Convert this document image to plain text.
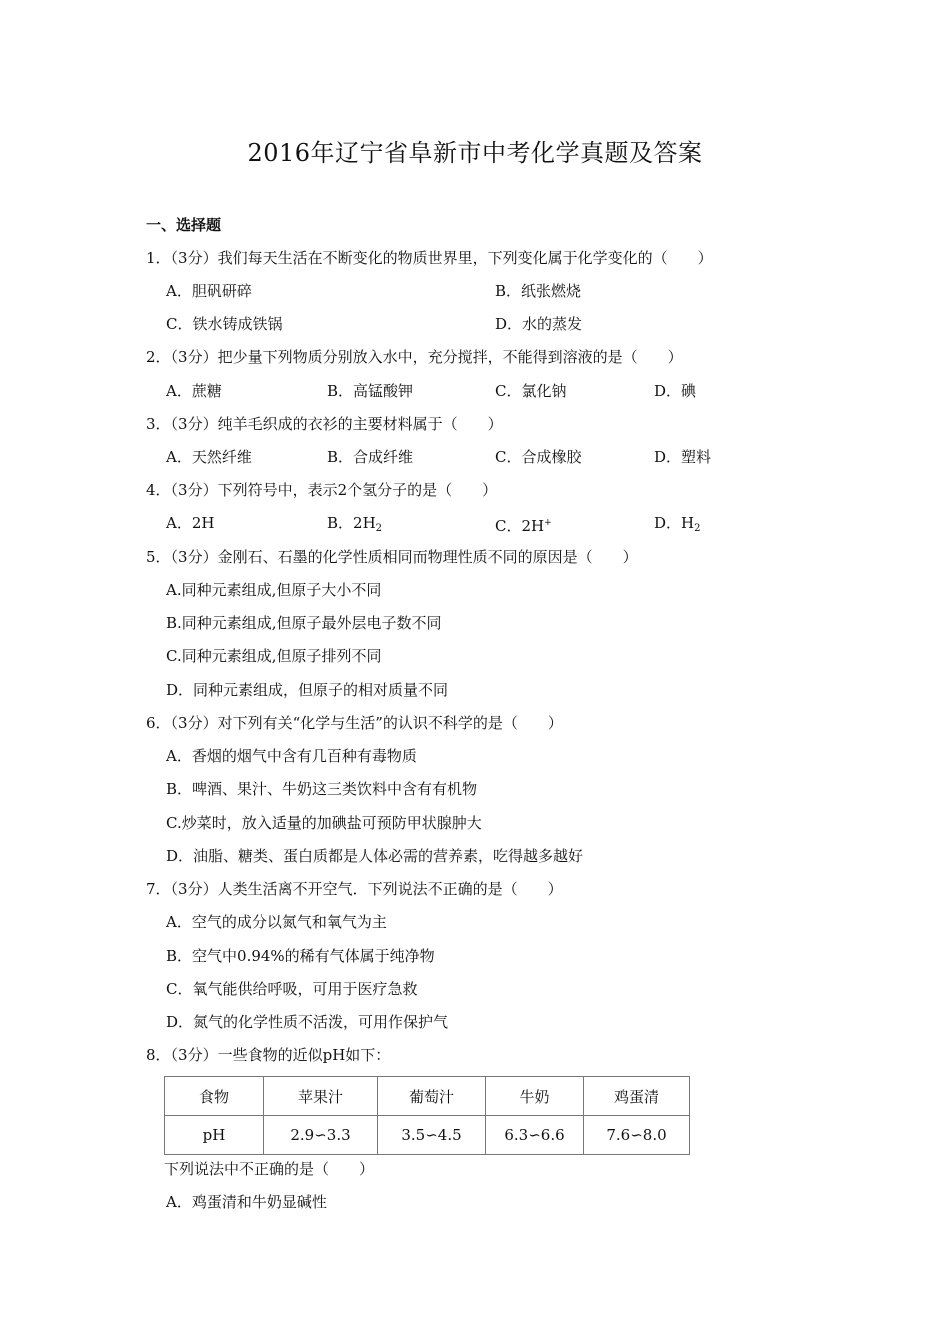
2016年辽宁省阜新市中考化学真题及答案
一、选择题
1．（3分）我们每天生活在不断变化的物质世界里，下列变化属于化学变化的（　　）
A．胆矾研碎	B．纸张燃烧
C．铁水铸成铁锅	D．水的蒸发
2．（3分）把少量下列物质分别放入水中，充分搅拌，不能得到溶液的是（　　）
A．蔗糖	B．高锰酸钾	C．氯化钠	D．碘
3．（3分）纯羊毛织成的衣衫的主要材料属于（　　）
A．天然纤维	B．合成纤维	C．合成橡胶	D．塑料
4．（3分）下列符号中，表示2个氢分子的是（　　）
A．2H	B．$2H_2$	C．2H+	D．$H_2$
5．（3分）金刚石、石墨的化学性质相同而物理性质不同的原因是（　　）
A.同种元素组成,但原子大小不同
B.同种元素组成,但原子最外层电子数不同
C.同种元素组成,但原子排列不同
D．同种元素组成，但原子的相对质量不同
6．（3分）对下列有关“化学与生活”的认识不科学的是（　　）
A．香烟的烟气中含有几百种有毒物质
B．啤酒、果汁、牛奶这三类饮料中含有有机物
C.炒菜时，放入适量的加碘盐可预防甲状腺肿大
D．油脂、糖类、蛋白质都是人体必需的营养素，吃得越多越好
7．（3分）人类生活离不开空气．下列说法不正确的是（　　）
A．空气的成分以氮气和氧气为主
B．空气中0.94%的稀有气体属于纯净物
C．氧气能供给呼吸，可用于医疗急救
D．氮气的化学性质不活泼，可用作保护气
8．（3分）一些食物的近似pH如下：
食物	苹果汁	葡萄汁	牛奶	鸡蛋清
pH	2.9∽3.3	3.5∽4.5	6.3∽6.6	7.6∽8.0
下列说法中不正确的是（　　）
A．鸡蛋清和牛奶显碱性
